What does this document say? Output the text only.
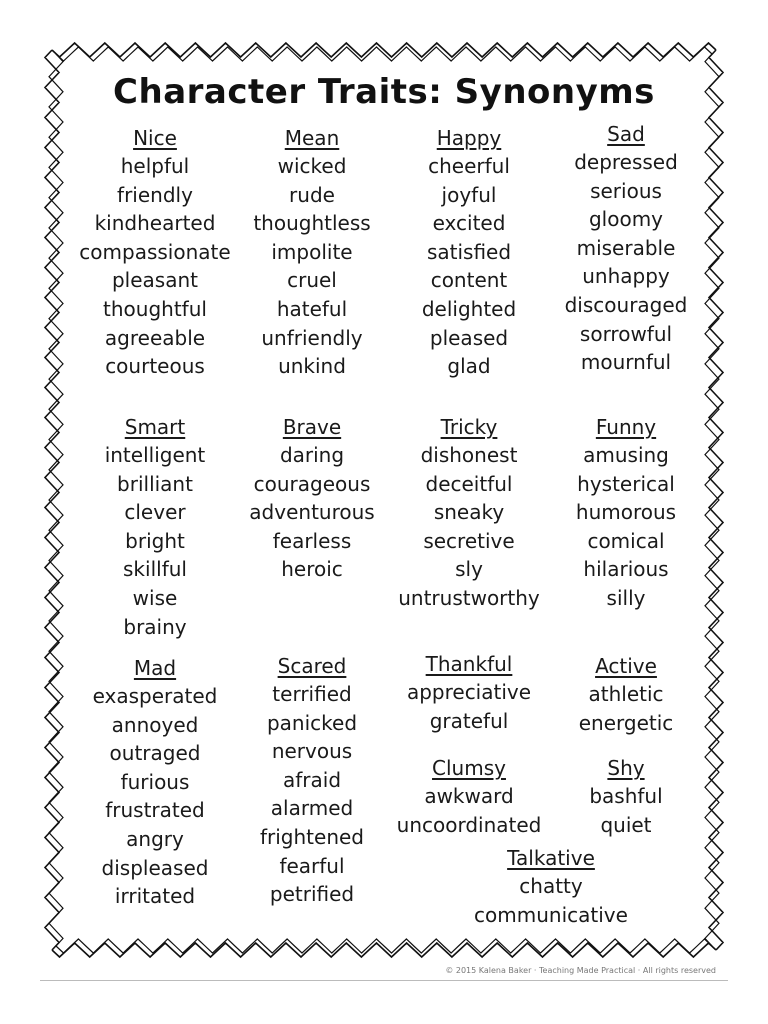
Character Traits: Synonyms
Nice
helpful
friendly
kindhearted
compassionate
pleasant
thoughtful
agreeable
courteous
Mean
wicked
rude
thoughtless
impolite
cruel
hateful
unfriendly
unkind
Happy
cheerful
joyful
excited
satisfied
content
delighted
pleased
glad
Sad
depressed
serious
gloomy
miserable
unhappy
discouraged
sorrowful
mournful
Smart
intelligent
brilliant
clever
bright
skillful
wise
brainy
Brave
daring
courageous
adventurous
fearless
heroic
Tricky
dishonest
deceitful
sneaky
secretive
sly
untrustworthy
Funny
amusing
hysterical
humorous
comical
hilarious
silly
Mad
exasperated
annoyed
outraged
furious
frustrated
angry
displeased
irritated
Scared
terrified
panicked
nervous
afraid
alarmed
frightened
fearful
petrified
Thankful
appreciative
grateful
Active
athletic
energetic
Clumsy
awkward
uncoordinated
Shy
bashful
quiet
Talkative
chatty
communicative
© 2015 Kalena Baker · Teaching Made Practical · All rights reserved
